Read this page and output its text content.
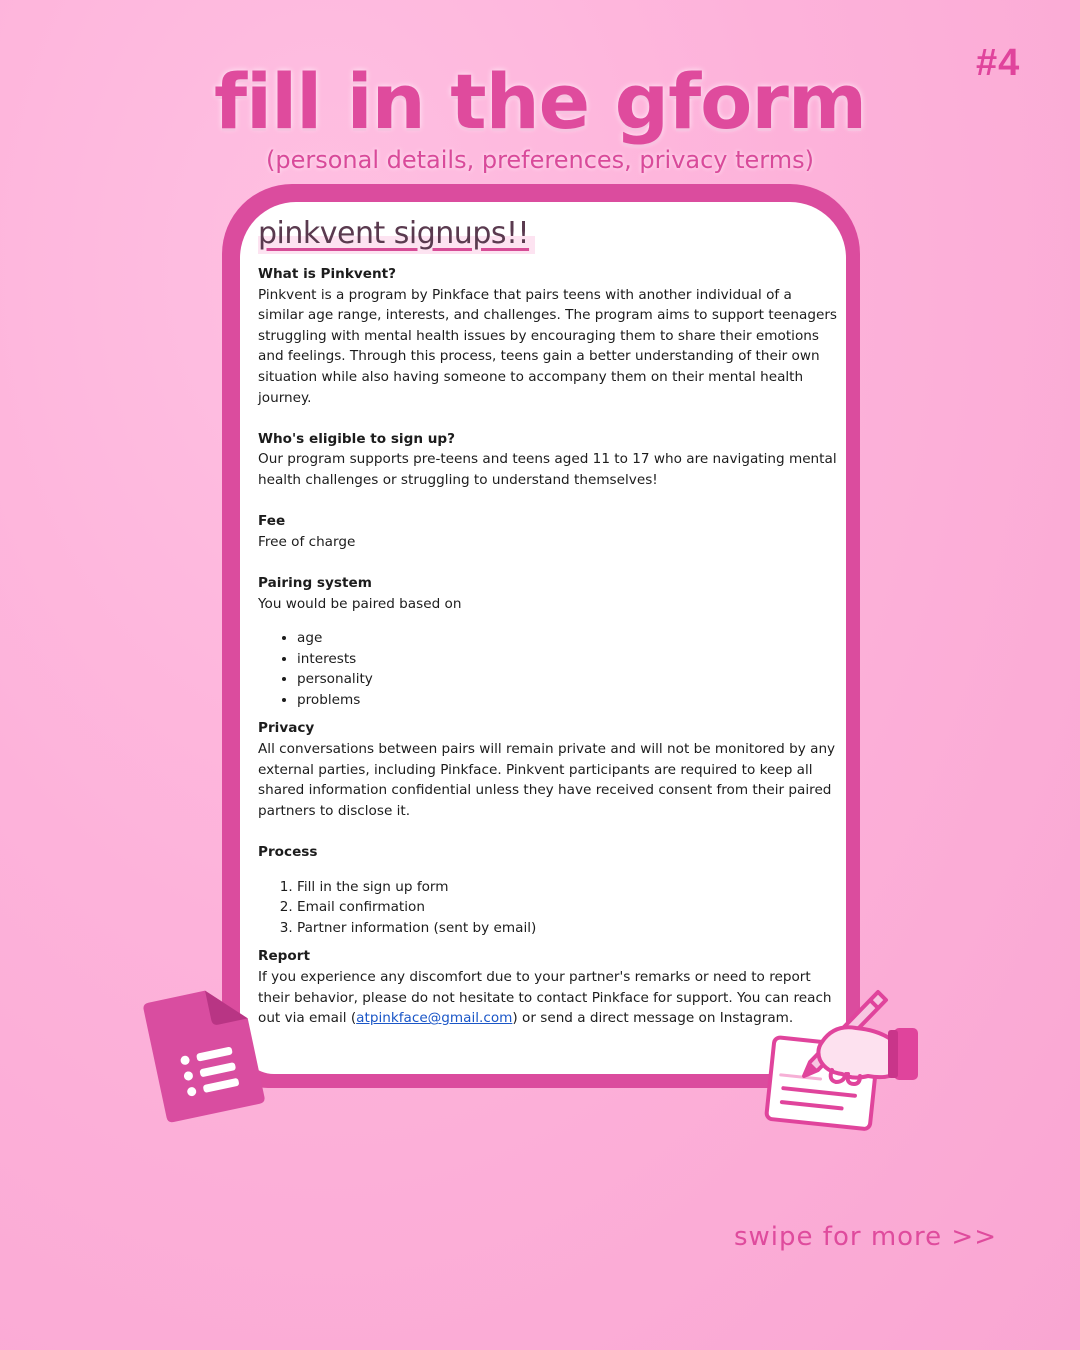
#4
fill in the gform
(personal details, preferences, privacy terms)
pinkvent signups!!

What is Pinkvent?

Pinkvent is a program by Pinkface that pairs teens with another individual of a similar age range, interests, and challenges. The program aims to support teenagers struggling with mental health issues by encouraging them to share their emotions and feelings. Through this process, teens gain a better understanding of their own situation while also having someone to accompany them on their mental health journey.

Who's eligible to sign up?

Our program supports pre-teens and teens aged 11 to 17 who are navigating mental health challenges or struggling to understand themselves!

Fee

Free of charge

Pairing system

You would be paired based on

• age
• interests
• personality
• problems

Privacy

All conversations between pairs will remain private and will not be monitored by any external parties, including Pinkface. Pinkvent participants are required to keep all shared information confidential unless they have received consent from their paired partners to disclose it.

Process

1. Fill in the sign up form
2. Email confirmation
3. Partner information (sent by email)

Report

If you experience any discomfort due to your partner's remarks or need to report their behavior, please do not hesitate to contact Pinkface for support. You can reach out via email (atpinkface@gmail.com) or send a direct message on Instagram.

swipe for more >>
